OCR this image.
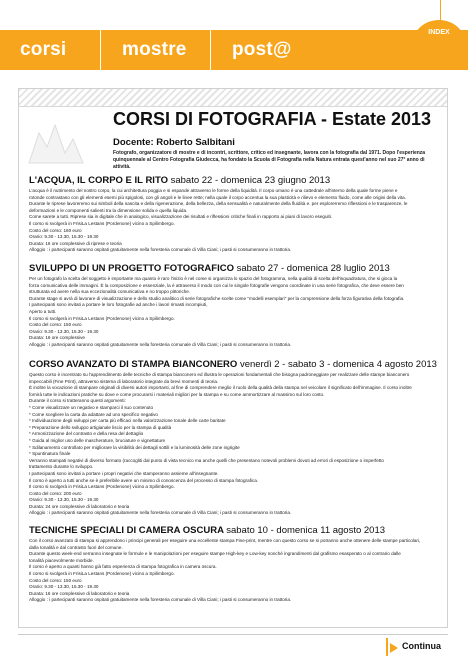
corsi	mostre post@
INDEX
CORSI DI FOTOGRAFIA - Estate 2013
Docente: Roberto Salbitani
Fotografo, organizzatore di mostre e di incontri, scrittore, critico ed insegnante, lavora con la fotografia dal 1971. Dopo l'esperienza quinquennale al Centro Fotografia Giudecca, ha fondato la Scuola di Fotografia nella Natura entrata quest'anno nel suo 27° anno di attività.
L'ACQUA, IL CORPO E IL RITO sabato 22 - domenica 23 giugno 2013

L'acqua è il nutrimento del nostro corpo, la cui architettura poggia e si espande attraverso le forme della liquidità. Il corpo umano è una cattedrale all'interno della quale forme piene e

rotonde contrastano con gli elementi esemi più spigolosi, con gli angoli e le linee rette; nella quale il corpo accentua la sua plasticità e rilievo e elemento fluido, come alle origini della vita.

Durante le riprese lavoreremo sui simboli della nascita e della rigenerazione, della bellezza, della sensualità e naturalmente della fluidità e. per esplorerremo riflessioni e le trasparenze, le

deformazioni e le componenti salienti tra la dimensione solida e quella liquida.

Come sarete a tutti. Riprese sia in digitale che in analogico, visualizzazione dei risultati e riflessioni critiche finali in rapporto ai piani di lavoro eseguiti.

Il corso si svolgerà in FrisiLa Lestans (Pordenone) vicino a Spilimbergo.

Costo del corso: 160 euro

Orario: 9.30 - 13.30, 15.30 - 19.30

Durata: 16 ore complessive di riprese e teoria

Alloggio : i partecipanti saranno ospitati gratuitamente nella foresteria comunale di Villa Ciani; i pasti si consumeranno in trattoria.

SVILUPPO DI UN PROGETTO FOTOGRAFICO sabato 27 - domenica 28 luglio 2013

Per un fotografo la scelta del soggetto è importante ma quanto è raro l'inizio è nel come si organizza lo spazio del fotogramma, nella qualità di scelta dell'inquadratura, che si gioca la

forza comunicativa delle immagini. È la composizione e essenziale, la è attraverso il modo con cui le singole fotografie vengono coordinate in una serie fotografica, che deve essere ben

strutturata ed avere nella sua eccezionalità comunicativa e no troppo pittoriche.

Durante stage si avrà di lavorare di visualizzazione e dello studio analitico di serie fotografiche scelte come "modelli esemplari" per la comprensione della forza figurativa della fotografia.

I partecipanti sono invitati a portare le loro fotografie ad anche i lavori rimasti incompiuti,

Aperto a tutti.

Il corso si svolgerà in FrisiLa Lestans (Pordenone) vicino a Spilimbergo.

Costo del corso: 150 euro

Orario: 9.30 - 13.30, 15.30 - 19.30

Durata: 16 ore complessive

Alloggio : i partecipanti saranno ospitati gratuitamente nella foresteria comunale di Villa Ciani; i pasti si consumeranno in trattoria.

CORSO AVANZATO DI STAMPA BIANCONERO venerdì 2 - sabato 3 - domenica 4 agosto 2013

Questo corso è incentrato su l'apprendimento delle tecniche di stampa bianconero ed illustra le operazioni fondamentali che bisogna padroneggiare per realizzare delle stampe bianconero

impeccabili (Fine Print), attraverso sistema di laboratorio integrate da brevi momenti di teoria.

È inoltre la vocazione di stampare originali di diversi autori importanti, al fine di comprendere meglio il ruolo della qualità della stampa nel veicolare il significato dell'immagine. Il corso inoltre

fornirà tutte le indicazioni pratiche su dove e come procurarsi i materiali migliori per la stampa e su come ammortizzare al massimo sul loro costo.

Durante il corso si tratteranno questi argomenti:

* Come visualizzare un negativo e stamparci il suo contenuto

* Come scegliere la carta da adattare ad uno specifico negativo

* Individuazione degli sviluppi per carta più efficaci nella valorizzazione tonale delle carte baritate

* Preparazione dello sviluppo artigianale liscio per la stampa di qualità

* Armonizzazione del contrasto e della resa del dettaglio

* Guida al miglior uso delle mascherature, bruciature e vignettature

* Sdilanamento controllato per migliorare la visibilità dei dettagli sottili e la luminosità delle zone ingrigite

* Spuntinatura finale

Verranno stampati negativi di diverso formato (raccogliti dal punto di vista tecnico ma anche quelli che presentano notevoli problemi dovuti ad errori di esposizione o imperfetto

trattamento durante lo sviluppo.

I partecipanti sono invitati a portare i propri negativi che stamperanno assieme all'insegnante.

Il corso è aperto a tutti anche se è preferibile avere un minimo di conoscenza del processo di stampa fotografica.

Il corso si svolgerà in FrisiLa Lestans (Pordenone) vicino a Spilimbergo.

Costo del corso: 200 euro

Orario: 9.30 - 13.30, 15.30 - 19.30

Durata: 24 ore complessive di laboratorio e teoria

Alloggio : i partecipanti saranno ospitati gratuitamente nella foresteria comunale di Villa Ciani; i pasti si consumeranno in trattoria.

TECNICHE SPECIALI DI CAMERA OSCURA sabato 10 - domenica 11 agosto 2013

Con il corso avanzato di stampa si apprendono i principi generali per eseguire una eccellente stampa Fine-print, mentre con questo corso se si potranno anche ottenere delle stampe particolari,

dalla tonalità e dal contrasto fuori del comune.

Durante questo week-end verranno insegnate le formule e le manipolazioni per eseguire stampe High-key e Low-key nonché ingrandimenti dal grafismo esasperato o al contrario dalle

tonalità piacevolmente morbide.

Il corso è aperto a quanti hanno già fatto esperienza di stampa fotografica in camera oscura.

Il corso si svolgerà in FrisiLa Lestans (Pordenone) vicino a Spilimbergo.

Costo del corso: 150 euro

Orario: 9.30 - 13.30, 15.30 - 19.30

Durata: 16 ore complessive di laboratorio e teoria

Alloggio : i partecipanti saranno ospitati gratuitamente nella foresteria comunale di Villa Ciani; i pasti si consumeranno in trattoria.

Continua
